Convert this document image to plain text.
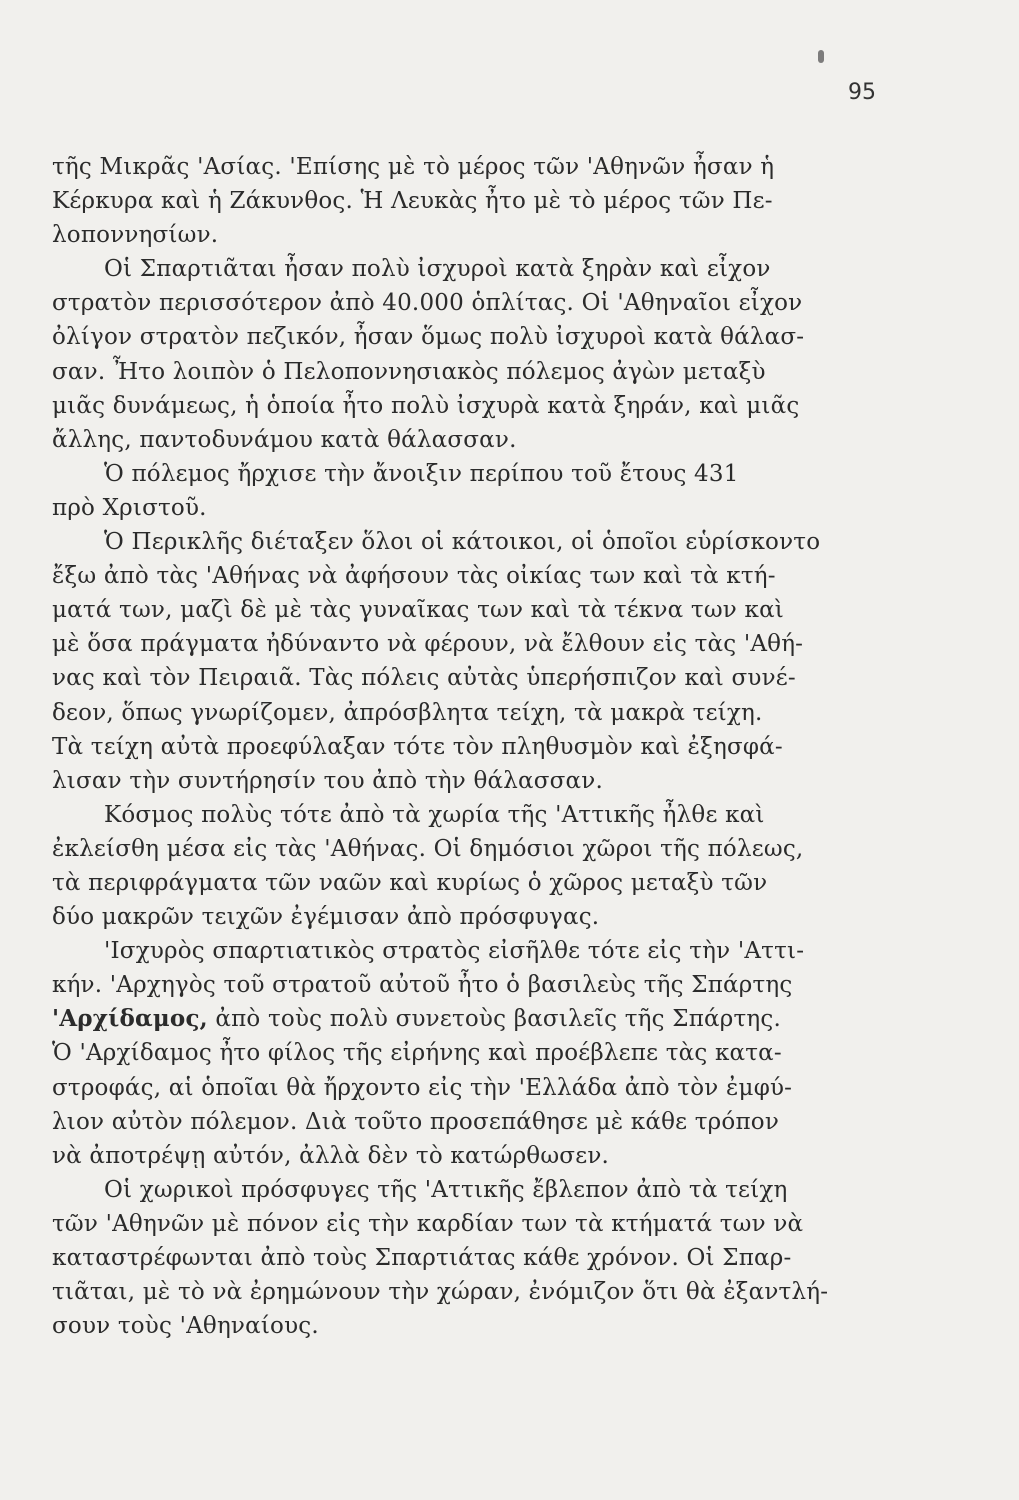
95
τῆς Μικρᾶς 'Ασίας. 'Επίσης μὲ τὸ μέρος τῶν 'Αθηνῶν ἦσαν ἡ
Κέρκυρα καὶ ἡ Ζάκυνθος. Ἡ Λευκὰς ἦτο μὲ τὸ μέρος τῶν Πε-
λοποννησίων.
Οἱ Σπαρτιᾶται ἦσαν πολὺ ἰσχυροὶ κατὰ ξηρὰν καὶ εἶχον
στρατὸν περισσότερον ἀπὸ 40.000 ὁπλίτας. Οἱ 'Αθηναῖοι εἶχον
ὀλίγον στρατὸν πεζικόν, ἦσαν ὅμως πολὺ ἰσχυροὶ κατὰ θάλασ-
σαν. Ἦτο λοιπὸν ὁ Πελοποννησιακὸς πόλεμος ἀγὼν μεταξὺ
μιᾶς δυνάμεως, ἡ ὁποία ἦτο πολὺ ἰσχυρὰ κατὰ ξηράν, καὶ μιᾶς
ἄλλης, παντοδυνάμου κατὰ θάλασσαν.
Ὁ πόλεμος ἤρχισε τὴν ἄνοιξιν περίπου τοῦ ἔτους 431
πρὸ Χριστοῦ.
Ὁ Περικλῆς διέταξεν ὅλοι οἱ κάτοικοι, οἱ ὁποῖοι εὑρίσκοντο
ἔξω ἀπὸ τὰς 'Αθήνας νὰ ἀφήσουν τὰς οἰκίας των καὶ τὰ κτή-
ματά των, μαζὶ δὲ μὲ τὰς γυναῖκας των καὶ τὰ τέκνα των καὶ
μὲ ὅσα πράγματα ἠδύναντο νὰ φέρουν, νὰ ἔλθουν εἰς τὰς 'Αθή-
νας καὶ τὸν Πειραιᾶ. Τὰς πόλεις αὐτὰς ὑπερήσπιζον καὶ συνέ-
δεον, ὅπως γνωρίζομεν, ἀπρόσβλητα τείχη, τὰ μακρὰ τείχη.
Τὰ τείχη αὐτὰ προεφύλαξαν τότε τὸν πληθυσμὸν καὶ ἐξησφά-
λισαν τὴν συντήρησίν του ἀπὸ τὴν θάλασσαν.
Κόσμος πολὺς τότε ἀπὸ τὰ χωρία τῆς 'Αττικῆς ἦλθε καὶ
ἐκλείσθη μέσα εἰς τὰς 'Αθήνας. Οἱ δημόσιοι χῶροι τῆς πόλεως,
τὰ περιφράγματα τῶν ναῶν καὶ κυρίως ὁ χῶρος μεταξὺ τῶν
δύο μακρῶν τειχῶν ἐγέμισαν ἀπὸ πρόσφυγας.
'Ισχυρὸς σπαρτιατικὸς στρατὸς εἰσῆλθε τότε εἰς τὴν 'Αττι-
κήν. 'Αρχηγὸς τοῦ στρατοῦ αὐτοῦ ἦτο ὁ βασιλεὺς τῆς Σπάρτης
'Αρχίδαμος, ἀπὸ τοὺς πολὺ συνετοὺς βασιλεῖς τῆς Σπάρτης.
Ὁ 'Αρχίδαμος ἦτο φίλος τῆς εἰρήνης καὶ προέβλεπε τὰς κατα-
στροφάς, αἱ ὁποῖαι θὰ ἤρχοντο εἰς τὴν 'Ελλάδα ἀπὸ τὸν ἐμφύ-
λιον αὐτὸν πόλεμον. Διὰ τοῦτο προσεπάθησε μὲ κάθε τρόπον
νὰ ἀποτρέψῃ αὐτόν, ἀλλὰ δὲν τὸ κατώρθωσεν.
Οἱ χωρικοὶ πρόσφυγες τῆς 'Αττικῆς ἔβλεπον ἀπὸ τὰ τείχη
τῶν 'Αθηνῶν μὲ πόνον εἰς τὴν καρδίαν των τὰ κτήματά των νὰ
καταστρέφωνται ἀπὸ τοὺς Σπαρτιάτας κάθε χρόνον. Οἱ Σπαρ-
τιᾶται, μὲ τὸ νὰ ἐρημώνουν τὴν χώραν, ἐνόμιζον ὅτι θὰ ἐξαντλή-
σουν τοὺς 'Αθηναίους.
